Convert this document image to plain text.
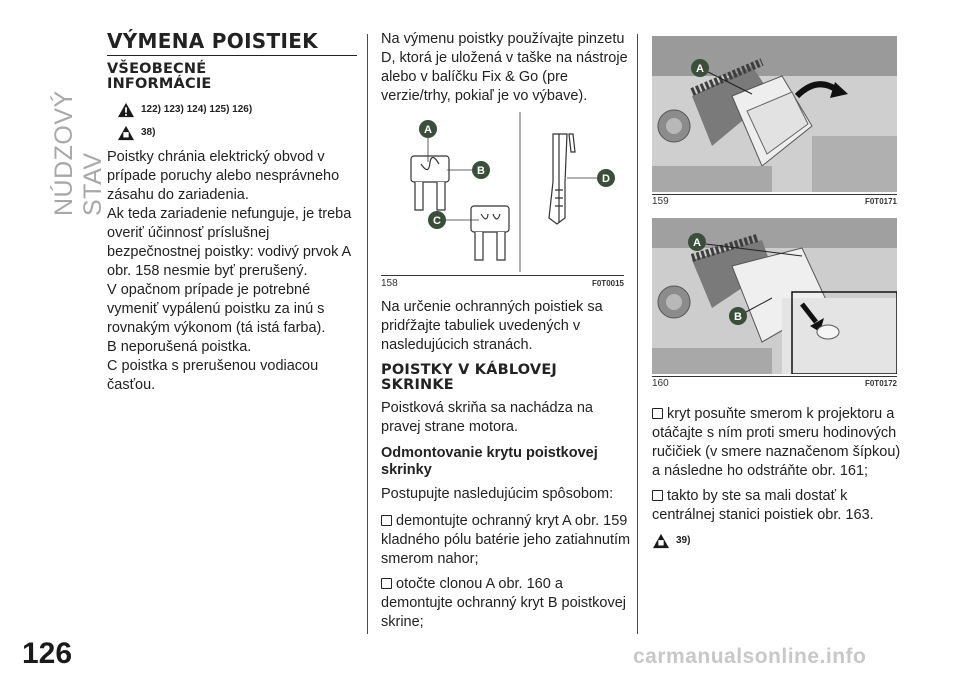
NÚDZOVÝ STAV
126
VÝMENA POISTIEK
VŠEOBECNÉ
INFORMÁCIE
122) 123) 124) 125) 126)
38)
Poistky chránia elektrický obvod v prípade poruchy alebo nesprávneho zásahu do zariadenia.
Ak teda zariadenie nefunguje, je treba overiť účinnosť príslušnej bezpečnostnej poistky: vodivý prvok A obr. 158 nesmie byť prerušený.
V opačnom prípade je potrebné vymeniť vypálenú poistku za inú s rovnakým výkonom (tá istá farba).
B neporušená poistka.
C poistka s prerušenou vodiacou časťou.

Na výmenu poistky používajte pinzetu D, ktorá je uložená v taške na nástroje alebo v balíčku Fix & Go (pre verzie/trhy, pokiaľ je vo výbave).

A
B
C
D
158	F0T0015

Na určenie ochranných poistiek sa pridŕžajte tabuliek uvedených v nasledujúcich stranách.

POISTKY V KÁBLOVEJ
SKRINKE

Poistková skriňa sa nachádza na pravej strane motora.

Odmontovanie krytu poistkovej skrinky

Postupujte nasledujúcim spôsobom:

demontujte ochranný kryt A obr. 159 kladného pólu batérie jeho zatiahnutím smerom nahor;

otočte clonou A obr. 160 a demontujte ochranný kryt B poistkovej skrine;

A
159	F0T0171
A
B
160	F0T0172

kryt posuňte smerom k projektoru a otáčajte s ním proti smeru hodinových ručičiek (v smere naznačenom šípkou) a následne ho odstráňte obr. 161;

takto by ste sa mali dostať k centrálnej stanici poistiek obr. 163.

39)
carmanualsonline.info
